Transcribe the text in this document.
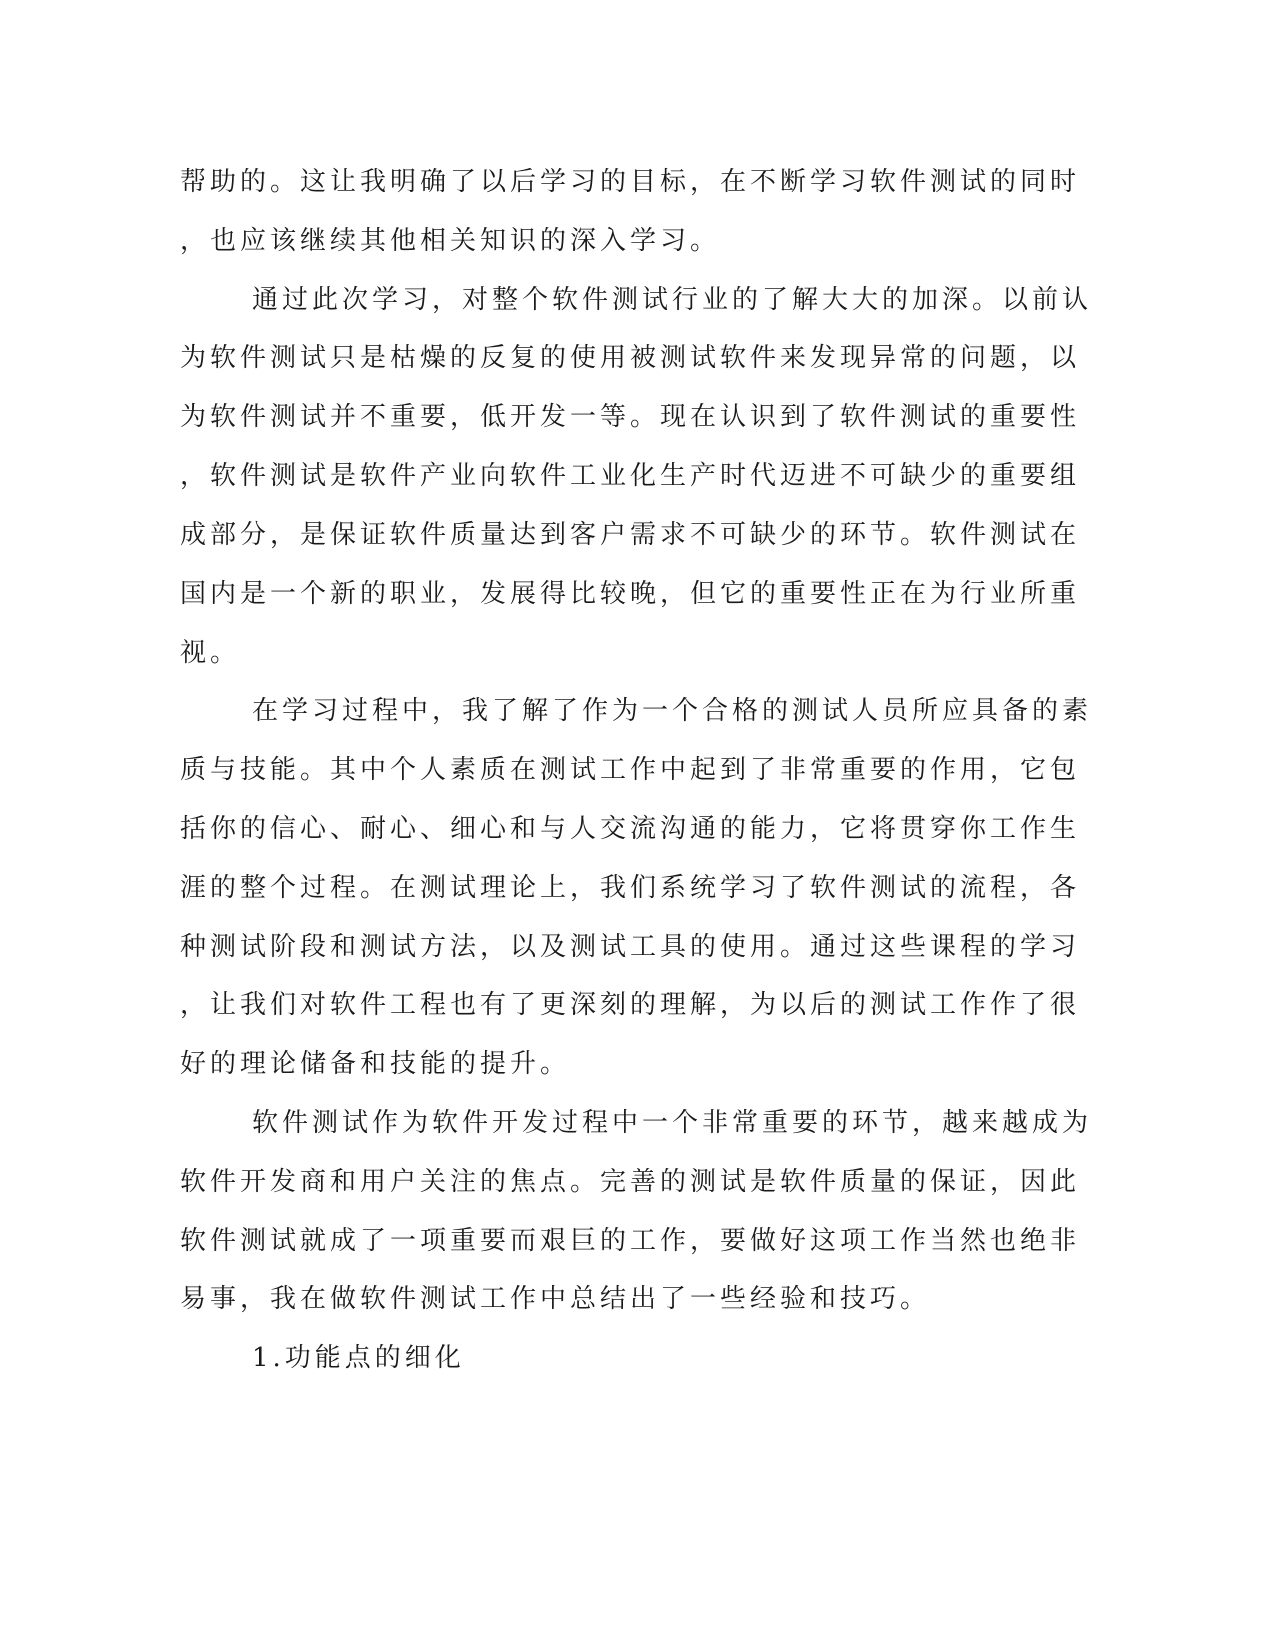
帮助的。这让我明确了以后学习的目标，在不断学习软件测试的同时
，也应该继续其他相关知识的深入学习。
通过此次学习，对整个软件测试行业的了解大大的加深。以前认
为软件测试只是枯燥的反复的使用被测试软件来发现异常的问题，以
为软件测试并不重要，低开发一等。现在认识到了软件测试的重要性
，软件测试是软件产业向软件工业化生产时代迈进不可缺少的重要组
成部分，是保证软件质量达到客户需求不可缺少的环节。软件测试在
国内是一个新的职业，发展得比较晚，但它的重要性正在为行业所重
视。
在学习过程中，我了解了作为一个合格的测试人员所应具备的素
质与技能。其中个人素质在测试工作中起到了非常重要的作用，它包
括你的信心、耐心、细心和与人交流沟通的能力，它将贯穿你工作生
涯的整个过程。在测试理论上，我们系统学习了软件测试的流程，各
种测试阶段和测试方法，以及测试工具的使用。通过这些课程的学习
，让我们对软件工程也有了更深刻的理解，为以后的测试工作作了很
好的理论储备和技能的提升。
软件测试作为软件开发过程中一个非常重要的环节，越来越成为
软件开发商和用户关注的焦点。完善的测试是软件质量的保证，因此
软件测试就成了一项重要而艰巨的工作，要做好这项工作当然也绝非
易事，我在做软件测试工作中总结出了一些经验和技巧。
1.功能点的细化
